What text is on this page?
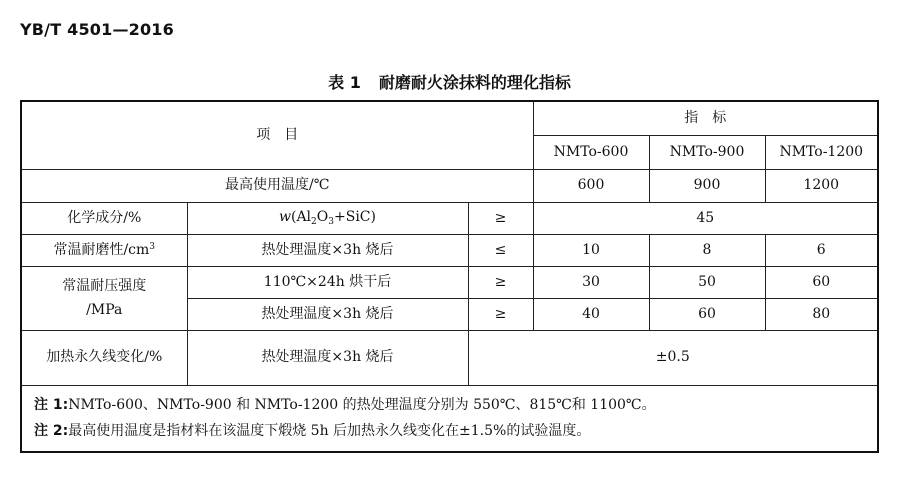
YB/T 4501—2016
表 1 耐磨耐火涂抹料的理化指标
项　目			指　标		
			NMTo-600	NMTo-900	NMTo-1200
最高使用温度/℃			600	900	1200
化学成分/%	$w(Al_2O_3+SiC)$	≥	45		
常温耐磨性$/cm^3$	热处理温度×3h 烧后	≤	10	8	6

常温耐压强度
/MPa	110℃×24h 烘干后	≥	30	50	60
	热处理温度×3h 烧后	≥	40	60	80
加热永久线变化/%	热处理温度×3h 烧后	±0.5			

注 1:NMTo-600、NMTo-900 和 NMTo-1200 的热处理温度分别为 550℃、815℃和 1100℃。
注 2:最高使用温度是指材料在该温度下煅烧 5h 后加热永久线变化在±1.5%的试验温度。					
